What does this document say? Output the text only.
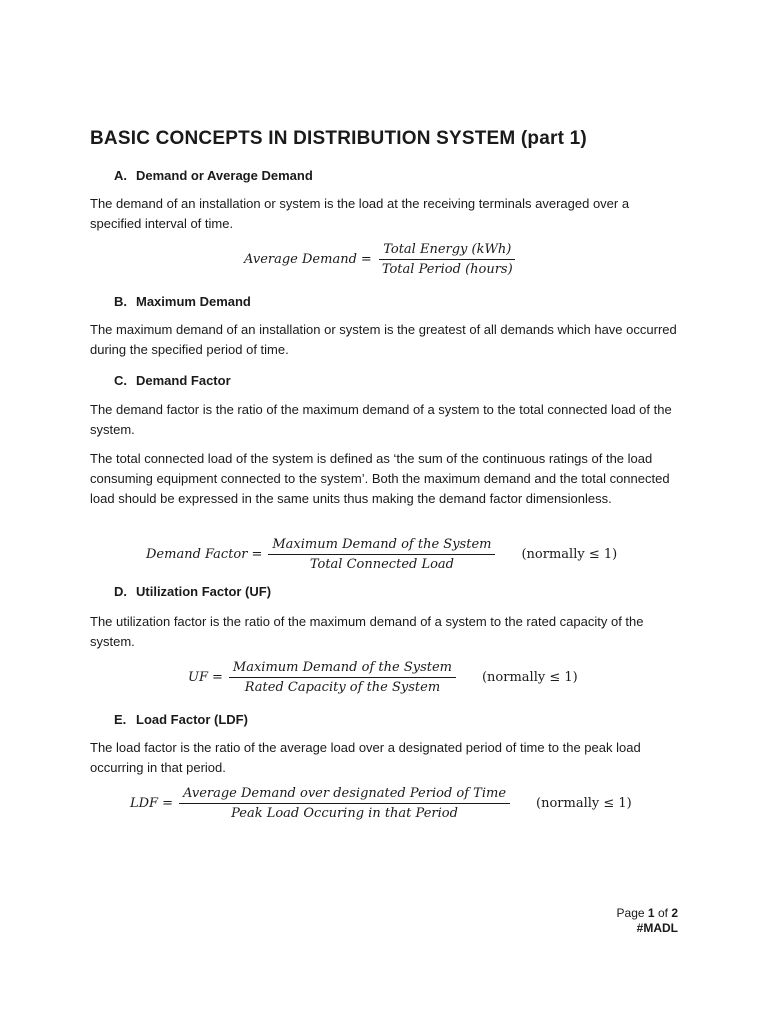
BASIC CONCEPTS IN DISTRIBUTION SYSTEM (part 1)
A. Demand or Average Demand

The demand of an installation or system is the load at the receiving terminals averaged over a specified interval of time.

Average Demand = $\frac{\text{Total Energy (kWh)}}{\text{Total Period (hours)}}$
B. Maximum Demand

The maximum demand of an installation or system is the greatest of all demands which have occurred during the specified period of time.

C. Demand Factor

The demand factor is the ratio of the maximum demand of a system to the total connected load of the system.

The total connected load of the system is defined as ‘the sum of the continuous ratings of the load consuming equipment connected to the system’. Both the maximum demand and the total connected load should be expressed in the same units thus making the demand factor dimensionless.

Demand Factor = $\frac{\text{Maximum Demand of the System}}{\text{Total Connected Load}}$ (normally ≤ 1)
D. Utilization Factor (UF)

The utilization factor is the ratio of the maximum demand of a system to the rated capacity of the system.

UF = $\frac{\text{Maximum Demand of the System}}{\text{Rated Capacity of the System}}$ (normally ≤ 1)
E. Load Factor (LDF)

The load factor is the ratio of the average load over a designated period of time to the peak load occurring in that period.

LDF = $\frac{\text{Average Demand over designated Period of Time}}{\text{Peak Load Occuring in that Period}}$ (normally ≤ 1)
Page 1 of 2
#MADL
